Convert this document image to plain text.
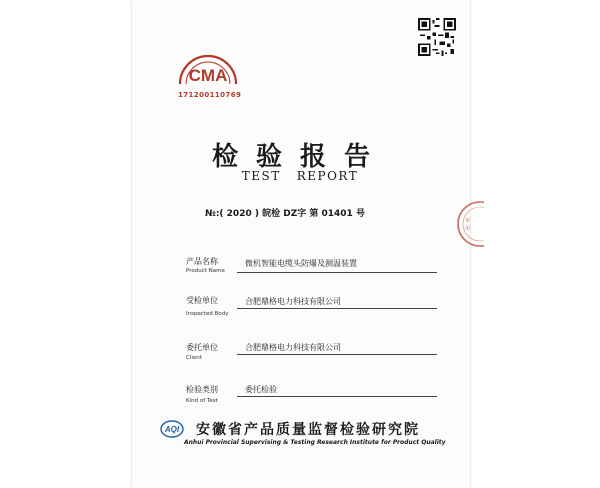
CMA
171200110769
检验报告
TEST REPORT
№:( 2020 ) 皖检 DZ字 第 01401 号
章
用
产品名称
Product Name
微机智能电缆头防爆及测温装置
受检单位
Inspected Body
合肥鼎格电力科技有限公司
委托单位
Client
合肥鼎格电力科技有限公司
检验类别
Kind of Test
委托检验
AQI 安徽省产品质量监督检验研究院
Anhui Provincial Supervising & Testing Research Institute for Product Quality
